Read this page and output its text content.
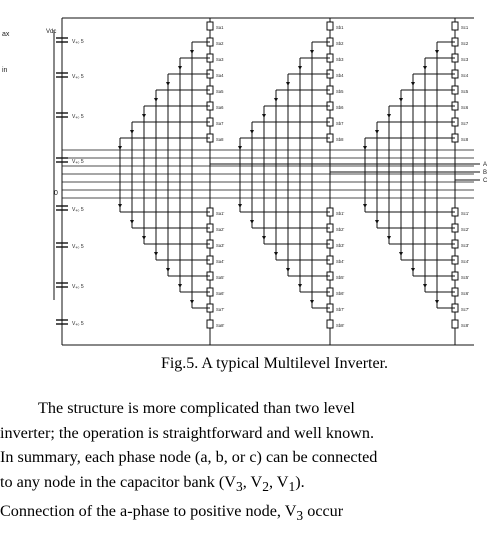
ax
in
Vdc
V₄₀ 5
V₄₀ 5
V₄₀ 5
V₄₀ 5
V₄₀ 5
V₄₀ 5
V₄₀ 5
V₄₀ 5
0
Sa1
Sa2
Sa3
Sa4
Sa5
Sa6
Sa7
Sa8
Sa1'
Sa2'
Sa3'
Sa4'
Sa5'
Sa6'
Sa7'
Sa8'
Sb1
Sb2
Sb3
Sb4
Sb5
Sb6
Sb7
Sb8
Sb1'
Sb2'
Sb3'
Sb4'
Sb5'
Sb6'
Sb7'
Sb8'
Sc1
Sc2
Sc3
Sc4
Sc5
Sc6
Sc7
Sc8
Sc1'
Sc2'
Sc3'
Sc4'
Sc5'
Sc6'
Sc7'
Sc8'
A
B
C
Fig.5. A typical Multilevel Inverter.

The structure is more complicated than two level

inverter; the operation is straightforward and well known.

In summary, each phase node (a, b, or c) can be connected

to any node in the capacitor bank ($V_3$, $V_2$, $V_1$).

Connection of the a-phase to positive node, $V_3$ occur
